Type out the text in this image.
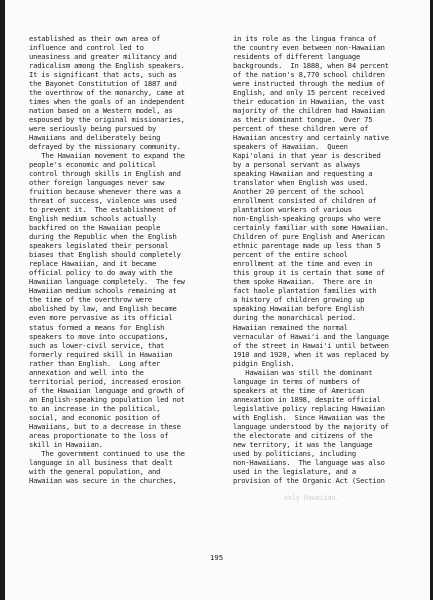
established as their own area of
influence and control led to
uneasiness and greater militancy and
radicalism among the English speakers.
It is significant that acts, such as
the Bayonet Constitution of 1887 and
the overthrow of the monarchy, came at
times when the goals of an independent
nation based on a Western model, as
espoused by the original missionaries,
were seriously being pursued by
Hawaiians and deliberately being
defrayed by the missionary community.
The Hawaiian movement to expand the
people's economic and political
control through skills in English and
other foreign languages never saw
fruition because whenever there was a
threat of success, violence was used
to prevent it.  The establishment of
English medium schools actually
backfired on the Hawaiian people
during the Republic when the English
speakers legislated their personal
biases that English should completely
replace Hawaiian, and it became
official policy to do away with the
Hawaiian language completely.  The few
Hawaiian medium schools remaining at
the time of the overthrow were
abolished by law, and English became
even more pervasive as its official
status formed a means for English
speakers to move into occupations,
such as lower-civil service, that
formerly required skill in Hawaiian
rather than English.  Long after
annexation and well into the
territorial period, increased erosion
of the Hawaiian language and growth of
an English-speaking population led not
to an increase in the political,
social, and economic position of
Hawaiians, but to a decrease in these
areas proportionate to the loss of
skill in Hawaiian.
The government continued to use the
language in all business that dealt
with the general population, and
Hawaiian was secure in the churches,
in its role as the lingua franca of
the country even between non-Hawaiian
residents of different language
backgrounds.  In 1888, when 84 percent
of the nation's 8,770 school children
were instructed through the medium of
English, and only 15 percent received
their education in Hawaiian, the vast
majority of the children had Hawaiian
as their dominant tongue.  Over 75
percent of these children were of
Hawaiian ancestry and certainly native
speakers of Hawaiian.  Queen
Kapi'olani in that year is described
by a personal servant as always
speaking Hawaiian and requesting a
translator when English was used.
Another 20 percent of the school
enrollment consisted of children of
plantation workers of various
non-English-speaking groups who were
certainly familiar with some Hawaiian.
Children of pure English and American
ethnic parentage made up less than 5
percent of the entire school
enrollment at the time and even in
this group it is certain that some of
them spoke Hawaiian.  There are in
fact haole plantation families with
a history of children growing up
speaking Hawaiian before English
during the monarchical period.
Hawaiian remained the normal
vernacular of Hawai'i and the language
of the street in Hawai'i until between
1910 and 1920, when it was replaced by
pidgin English.
Hawaiian was still the dominant
language in terms of numbers of
speakers at the time of American
annexation in 1898, despite official
legislative policy replacing Hawaiian
with English.  Since Hawaiian was the
language understood by the majority of
the electorate and citizens of the
new territory, it was the language
used by politicians, including
non-Hawaiians.  The language was also
used in the legislature, and a
provision of the Organic Act (Section
only Hawaiian.
195
